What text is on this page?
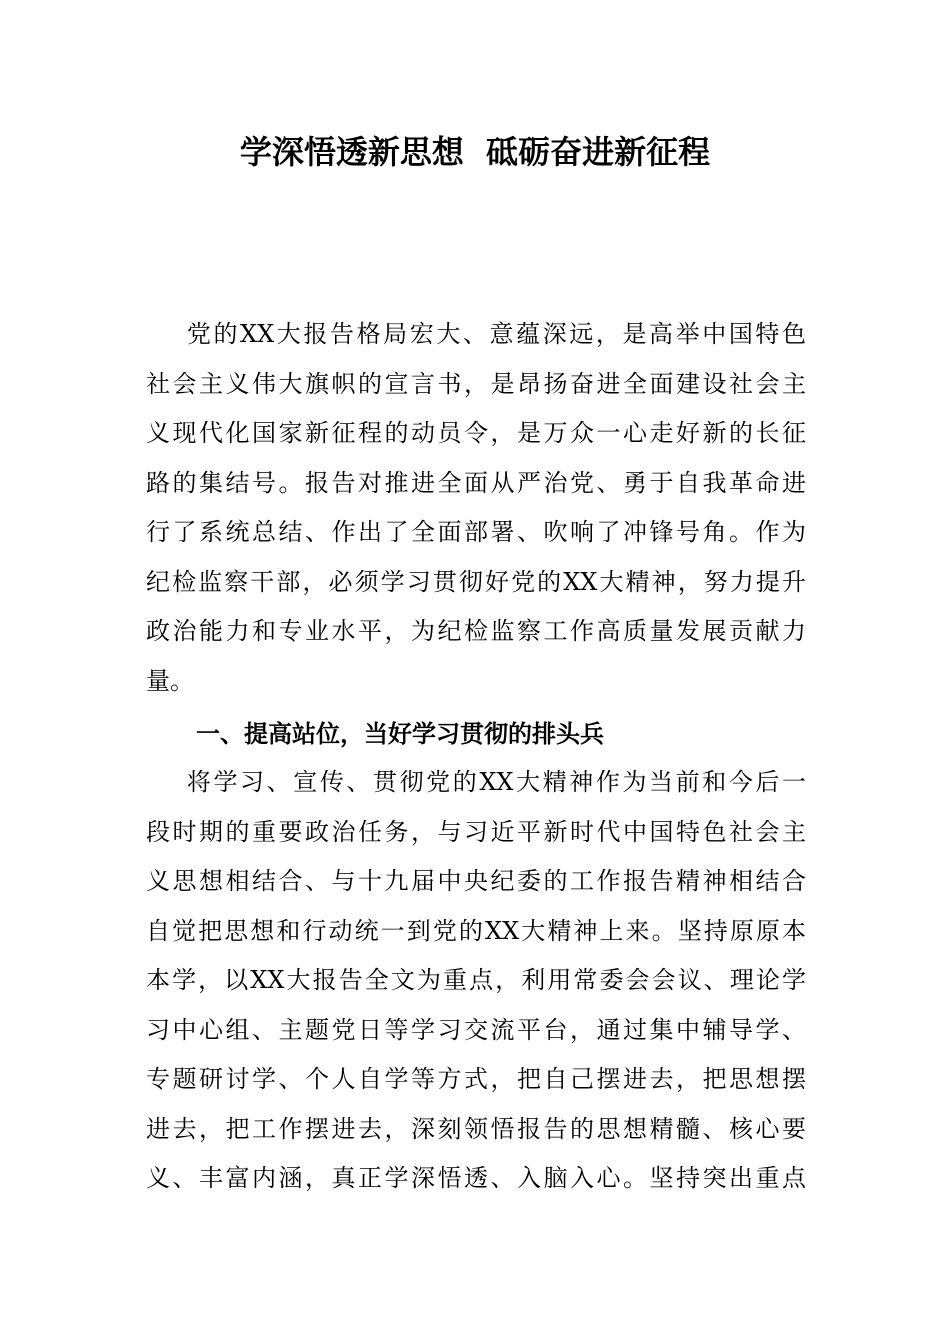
学深悟透新思想  砥砺奋进新征程
党的XX大报告格局宏大、意蕴深远，是高举中国特色
社会主义伟大旗帜的宣言书，是昂扬奋进全面建设社会主
义现代化国家新征程的动员令，是万众一心走好新的长征
路的集结号。报告对推进全面从严治党、勇于自我革命进
行了系统总结、作出了全面部署、吹响了冲锋号角。作为
纪检监察干部，必须学习贯彻好党的XX大精神，努力提升
政治能力和专业水平，为纪检监察工作高质量发展贡献力
量。
一、提高站位，当好学习贯彻的排头兵
将学习、宣传、贯彻党的XX大精神作为当前和今后一
段时期的重要政治任务，与习近平新时代中国特色社会主
义思想相结合、与十九届中央纪委的工作报告精神相结合
自觉把思想和行动统一到党的XX大精神上来。坚持原原本
本学，以XX大报告全文为重点，利用常委会会议、理论学
习中心组、主题党日等学习交流平台，通过集中辅导学、
专题研讨学、个人自学等方式，把自己摆进去，把思想摆
进去，把工作摆进去，深刻领悟报告的思想精髓、核心要
义、丰富内涵，真正学深悟透、入脑入心。坚持突出重点
